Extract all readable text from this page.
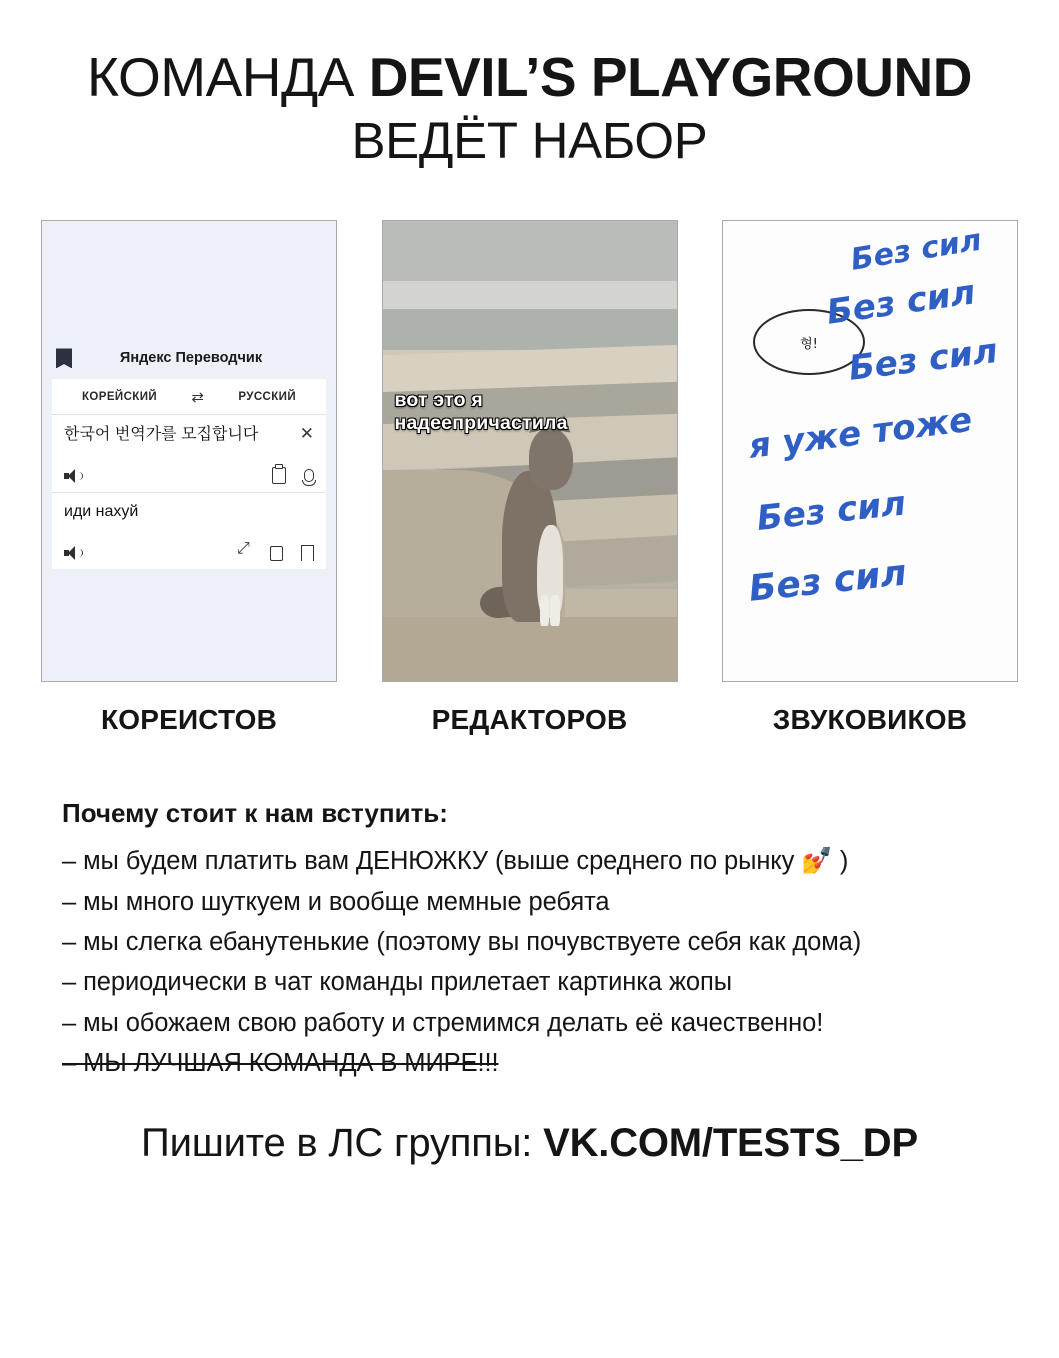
КОМАНДА DEVIL’S PLAYGROUND
ВЕДЁТ НАБОР
Яндекс Переводчик
КОРЕЙСКИЙ ⇄	РУССКИЙ
한국어 번역가를 모집합니다	✕
иди нахуй
⤢
КОРЕИСТОВ
вот это я
надеепричастила
РЕДАКТОРОВ
형!
Без сил
Без сил
Без сил
я уже тоже
Без сил
Без сил
ЗВУКОВИКОВ
Почему стоит к нам вступить:
– мы будем платить вам ДЕНЮЖКУ (выше среднего по рынку 💅 )
– мы много шуткуем и вообще мемные ребята
– мы слегка ебанутенькие (поэтому вы почувствуете себя как дома)
– периодически в чат команды прилетает картинка жопы
– мы обожаем свою работу и стремимся делать её качественно!
– МЫ ЛУЧШАЯ КОМАНДА В МИРЕ!!!
Пишите в ЛС группы: VK.COM/TESTS_DP
